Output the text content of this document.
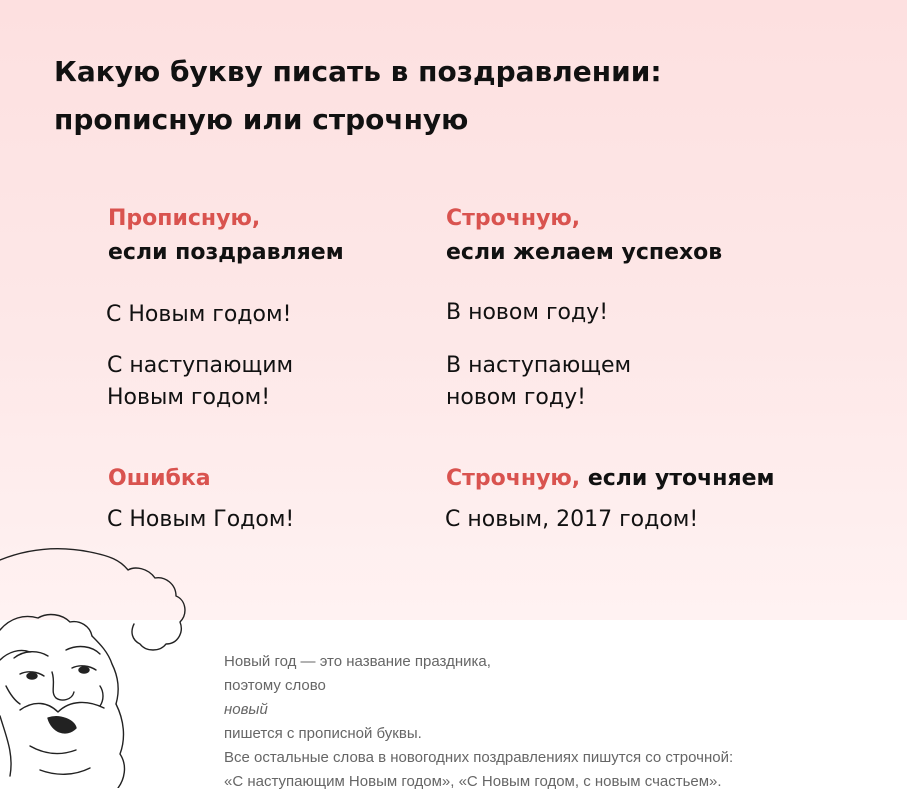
Какую букву писать в поздравлении:
прописную или строчную
Прописную,
если поздравляем
С Новым годом!
С наступающим
Новым годом!
Ошибка
С Новым Годом!
Строчную,
если желаем успехов
В новом году!
В наступающем
новом году!
Строчную, если уточняем
С новым, 2017 годом!
Новый год — это название праздника,
поэтому слово
новый
пишется с прописной буквы.
Все остальные слова в новогодних поздравлениях пишутся со строчной:
«С наступающим Новым годом», «С Новым годом, с новым счастьем».
